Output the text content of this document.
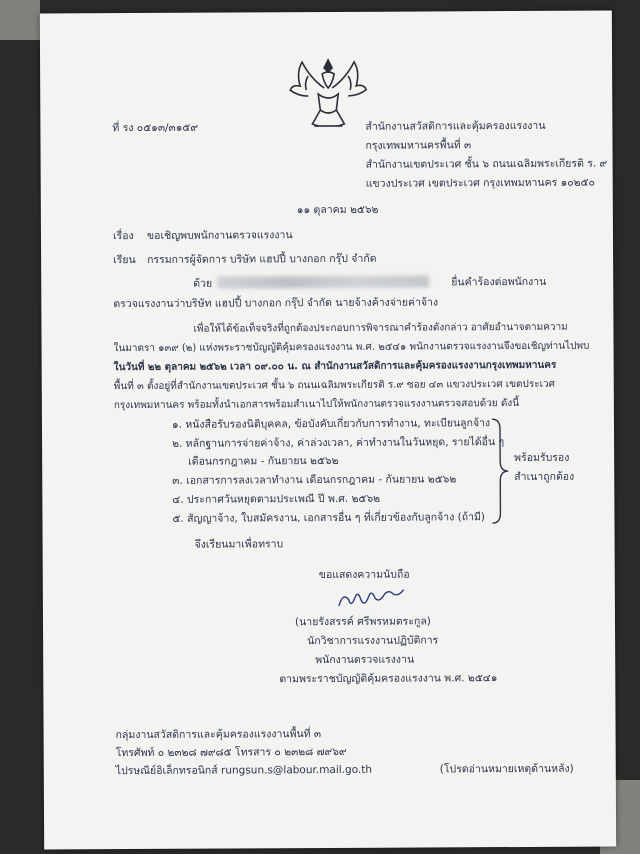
ที่ รง ๐๕๑๓/๓๑๕๙	สำนักงานสวัสดิการและคุ้มครองแรงงาน
กรุงเทพมหานครพื้นที่ ๓
สำนักงานเขตประเวศ ชั้น ๖ ถนนเฉลิมพระเกียรติ ร. ๙
แขวงประเวศ เขตประเวศ กรุงเทพมหานคร ๑๐๒๕๐
๑๑ ตุลาคม ๒๕๖๒
เรื่อง ขอเชิญพบพนักงานตรวจแรงงาน
เรียน กรรมการผู้จัดการ บริษัท แฮปปี้ บางกอก กรุ๊ป จำกัด
ด้วย	ยื่นคำร้องต่อพนักงาน
ตรวจแรงงานว่าบริษัท แฮปปี้ บางกอก กรุ๊ป จำกัด นายจ้างค้างจ่ายค่าจ้าง
เพื่อให้ได้ข้อเท็จจริงที่ถูกต้องประกอบการพิจารณาคำร้องดังกล่าว อาศัยอำนาจตามความ
ในมาตรา ๑๓๙ (๒) แห่งพระราชบัญญัติคุ้มครองแรงงาน พ.ศ. ๒๕๔๑ พนักงานตรวจแรงงานจึงขอเชิญท่านไปพบ
ในวันที่ ๒๒ ตุลาคม ๒๕๖๒ เวลา ๐๙.๐๐ น. ณ สำนักงานสวัสดิการและคุ้มครองแรงงานกรุงเทพมหานคร
พื้นที่ ๓ ตั้งอยู่ที่สำนักงานเขตประเวศ ชั้น ๖ ถนนเฉลิมพระเกียรติ ร.๙ ซอย ๔๓ แขวงประเวศ เขตประเวศ
กรุงเทพมหานคร พร้อมทั้งนำเอกสารพร้อมสำเนาไปให้พนักงานตรวจแรงงานตรวจสอบด้วย ดังนี้
๑. หนังสือรับรองนิติบุคคล, ข้อบังคับเกี่ยวกับการทำงาน, ทะเบียนลูกจ้าง
๒. หลักฐานการจ่ายค่าจ้าง, ค่าล่วงเวลา, ค่าทำงานในวันหยุด, รายได้อื่น ๆ
เดือนกรกฎาคม - กันยายน ๒๕๖๒
๓. เอกสารการลงเวลาทำงาน เดือนกรกฎาคม - กันยายน ๒๕๖๒
๔. ประกาศวันหยุดตามประเพณี ปี พ.ศ. ๒๕๖๒
๕. สัญญาจ้าง, ใบสมัครงาน, เอกสารอื่น ๆ ที่เกี่ยวข้องกับลูกจ้าง (ถ้ามี)
พร้อมรับรอง
สำเนาถูกต้อง
จึงเรียนมาเพื่อทราบ
ขอแสดงความนับถือ
(นายรังสรรค์ ศรีพรหมตระกูล)
นักวิชาการแรงงานปฏิบัติการ
พนักงานตรวจแรงงาน
ตามพระราชบัญญัติคุ้มครองแรงงาน พ.ศ. ๒๕๔๑
กลุ่มงานสวัสดิการและคุ้มครองแรงงานพื้นที่ ๓
โทรศัพท์ ๐ ๒๓๒๘ ๗๙๘๕ โทรสาร ๐ ๒๓๒๘ ๗๙๖๙
ไปรษณีย์อิเล็กทรอนิกส์ rungsun.s@labour.mail.go.th	(โปรดอ่านหมายเหตุด้านหลัง)
